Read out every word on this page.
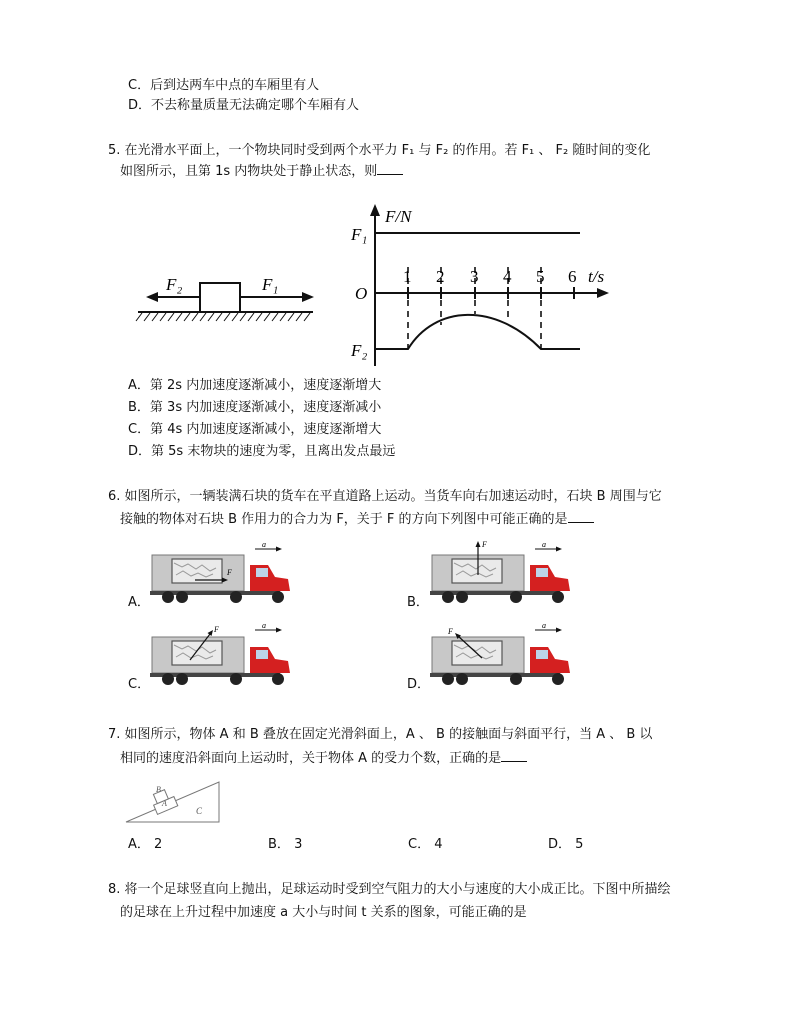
C．后到达两车中点的车厢里有人
D．不去称量质量无法确定哪个车厢有人
5. 在光滑水平面上，一个物块同时受到两个水平力 F₁ 与 F₂ 的作用。若 F₁ 、 F₂ 随时间的变化
如图所示，且第 1s 内物块处于静止状态，则
F₂	F₁
F/N
t/s
O
F₁
F₂
1 2 3 4 5 6
A．第 2s 内加速度逐渐减小，速度逐渐增大
B．第 3s 内加速度逐渐减小，速度逐渐减小
C．第 4s 内加速度逐渐减小，速度逐渐增大
D．第 5s 末物块的速度为零，且离出发点最远
6. 如图所示，一辆装满石块的货车在平直道路上运动。当货车向右加速运动时，石块 B 周围与它
接触的物体对石块 B 作用力的合力为 F，关于 F 的方向下列图中可能正确的是
A．
a
F
B．
a
F
C．
a
F
D．
a
F
7. 如图所示，物体 A 和 B 叠放在固定光滑斜面上，A 、 B 的接触面与斜面平行，当 A 、 B 以
相同的速度沿斜面向上运动时，关于物体 A 的受力个数，正确的是
B
A
C
A． 2	B． 3	C． 4	D． 5
8. 将一个足球竖直向上抛出，足球运动时受到空气阻力的大小与速度的大小成正比。下图中所描绘
的足球在上升过程中加速度 a 大小与时间 t 关系的图象，可能正确的是
